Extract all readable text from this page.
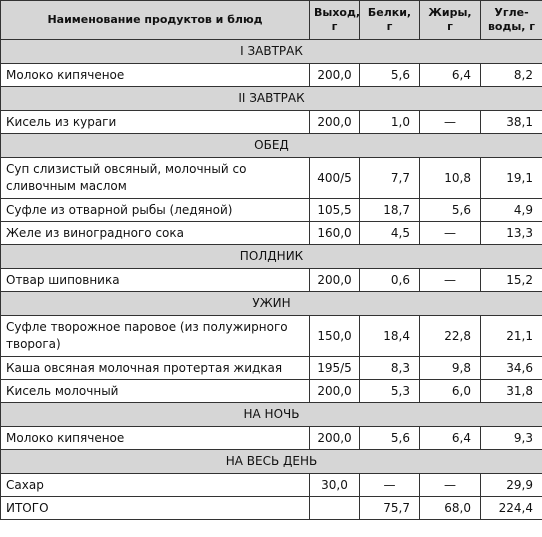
Наименование продуктов и блюд	Выход, г	Белки, г	Жиры, г	Угле-воды, г
I ЗАВТРАК				
Молоко кипяченое	200,0	5,6	6,4	8,2
II ЗАВТРАК				
Кисель из кураги	200,0	1,0	—	38,1
ОБЕД				
Суп слизистый овсяный, молочный со сливочным маслом	400/5	7,7	10,8	19,1
Суфле из отварной рыбы (ледяной)	105,5	18,7	5,6	4,9
Желе из виноградного сока	160,0	4,5	—	13,3
ПОЛДНИК				
Отвар шиповника	200,0	0,6	—	15,2
УЖИН				
Суфле творожное паровое (из полужирного творога)	150,0	18,4	22,8	21,1
Каша овсяная молочная протертая жидкая	195/5	8,3	9,8	34,6
Кисель молочный	200,0	5,3	6,0	31,8
НА НОЧЬ				
Молоко кипяченое	200,0	5,6	6,4	9,3
НА ВЕСЬ ДЕНЬ				
Сахар	30,0	—	—	29,9
ИТОГО		75,7	68,0	224,4
